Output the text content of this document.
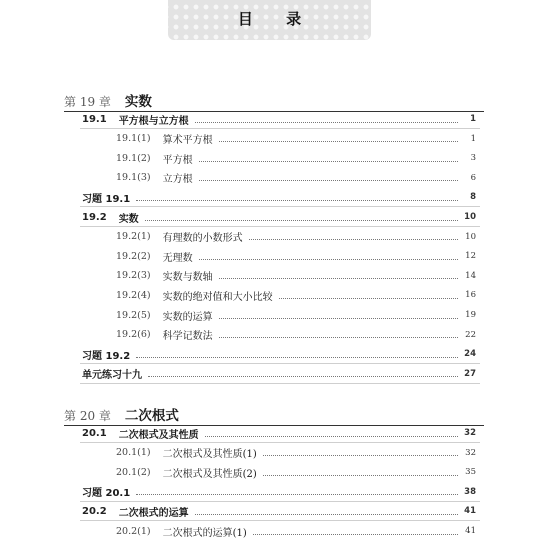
目 录
第 19 章 实数
19.1 平方根与立方根	1
19.1(1) 算术平方根	1
19.1(2) 平方根	3
19.1(3) 立方根	6
习题 19.1	8
19.2 实数	10
19.2(1) 有理数的小数形式	10
19.2(2) 无理数	12
19.2(3) 实数与数轴	14
19.2(4) 实数的绝对值和大小比较	16
19.2(5) 实数的运算	19
19.2(6) 科学记数法	22
习题 19.2	24
单元练习十九	27
第 20 章 二次根式
20.1 二次根式及其性质	32
20.1(1) 二次根式及其性质(1)	32
20.1(2) 二次根式及其性质(2)	35
习题 20.1	38
20.2 二次根式的运算	41
20.2(1) 二次根式的运算(1)	41
